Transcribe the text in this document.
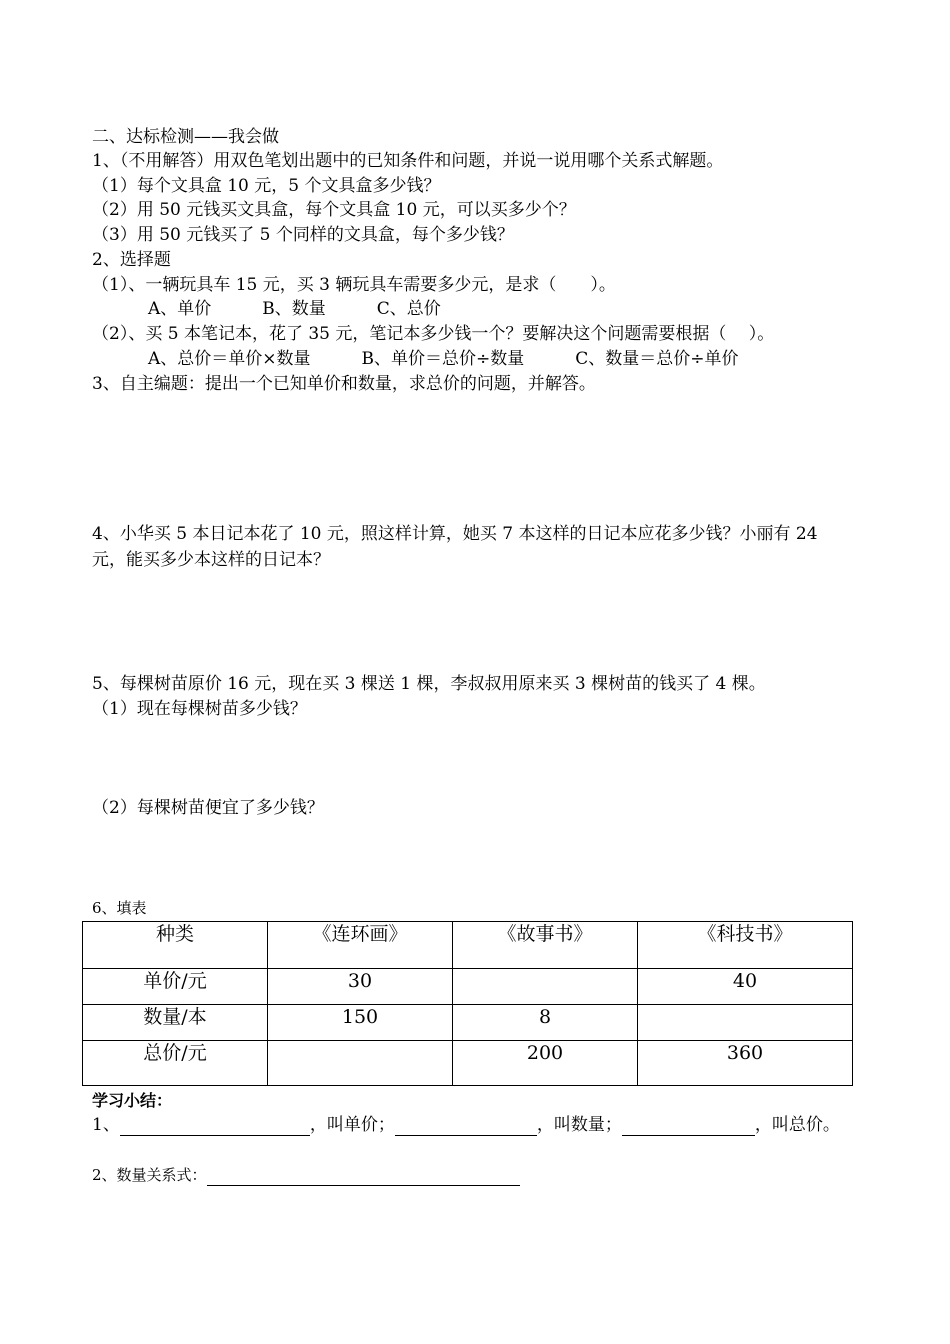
二、达标检测——我会做
1、（不用解答）用双色笔划出题中的已知条件和问题，并说一说用哪个关系式解题。
（1）每个文具盒 10 元，5 个文具盒多少钱？
（2）用 50 元钱买文具盒，每个文具盒 10 元，可以买多少个？
（3）用 50 元钱买了 5 个同样的文具盒，每个多少钱？
2、选择题
（1）、一辆玩具车 15 元，买 3 辆玩具车需要多少元，是求（　　）。
A、单价　　　B、数量　　　C、总价
（2）、买 5 本笔记本，花了 35 元，笔记本多少钱一个？要解决这个问题需要根据（　 ）。
A、总价＝单价×数量　　　B、单价＝总价÷数量　　　C、数量＝总价÷单价
3、自主编题：提出一个已知单价和数量，求总价的问题，并解答。
4、小华买 5 本日记本花了 10 元，照这样计算，她买 7 本这样的日记本应花多少钱？小丽有 24
元，能买多少本这样的日记本？
5、每棵树苗原价 16 元，现在买 3 棵送 1 棵，李叔叔用原来买 3 棵树苗的钱买了 4 棵。
（1）现在每棵树苗多少钱？
（2）每棵树苗便宜了多少钱？
6、填表
种类	《连环画》	《故事书》	《科技书》
单价/元	30		40
数量/本	150	8	
总价/元		200	360
学习小结：
1、	，叫单价；	，叫数量；	，叫总价。
2、数量关系式：
